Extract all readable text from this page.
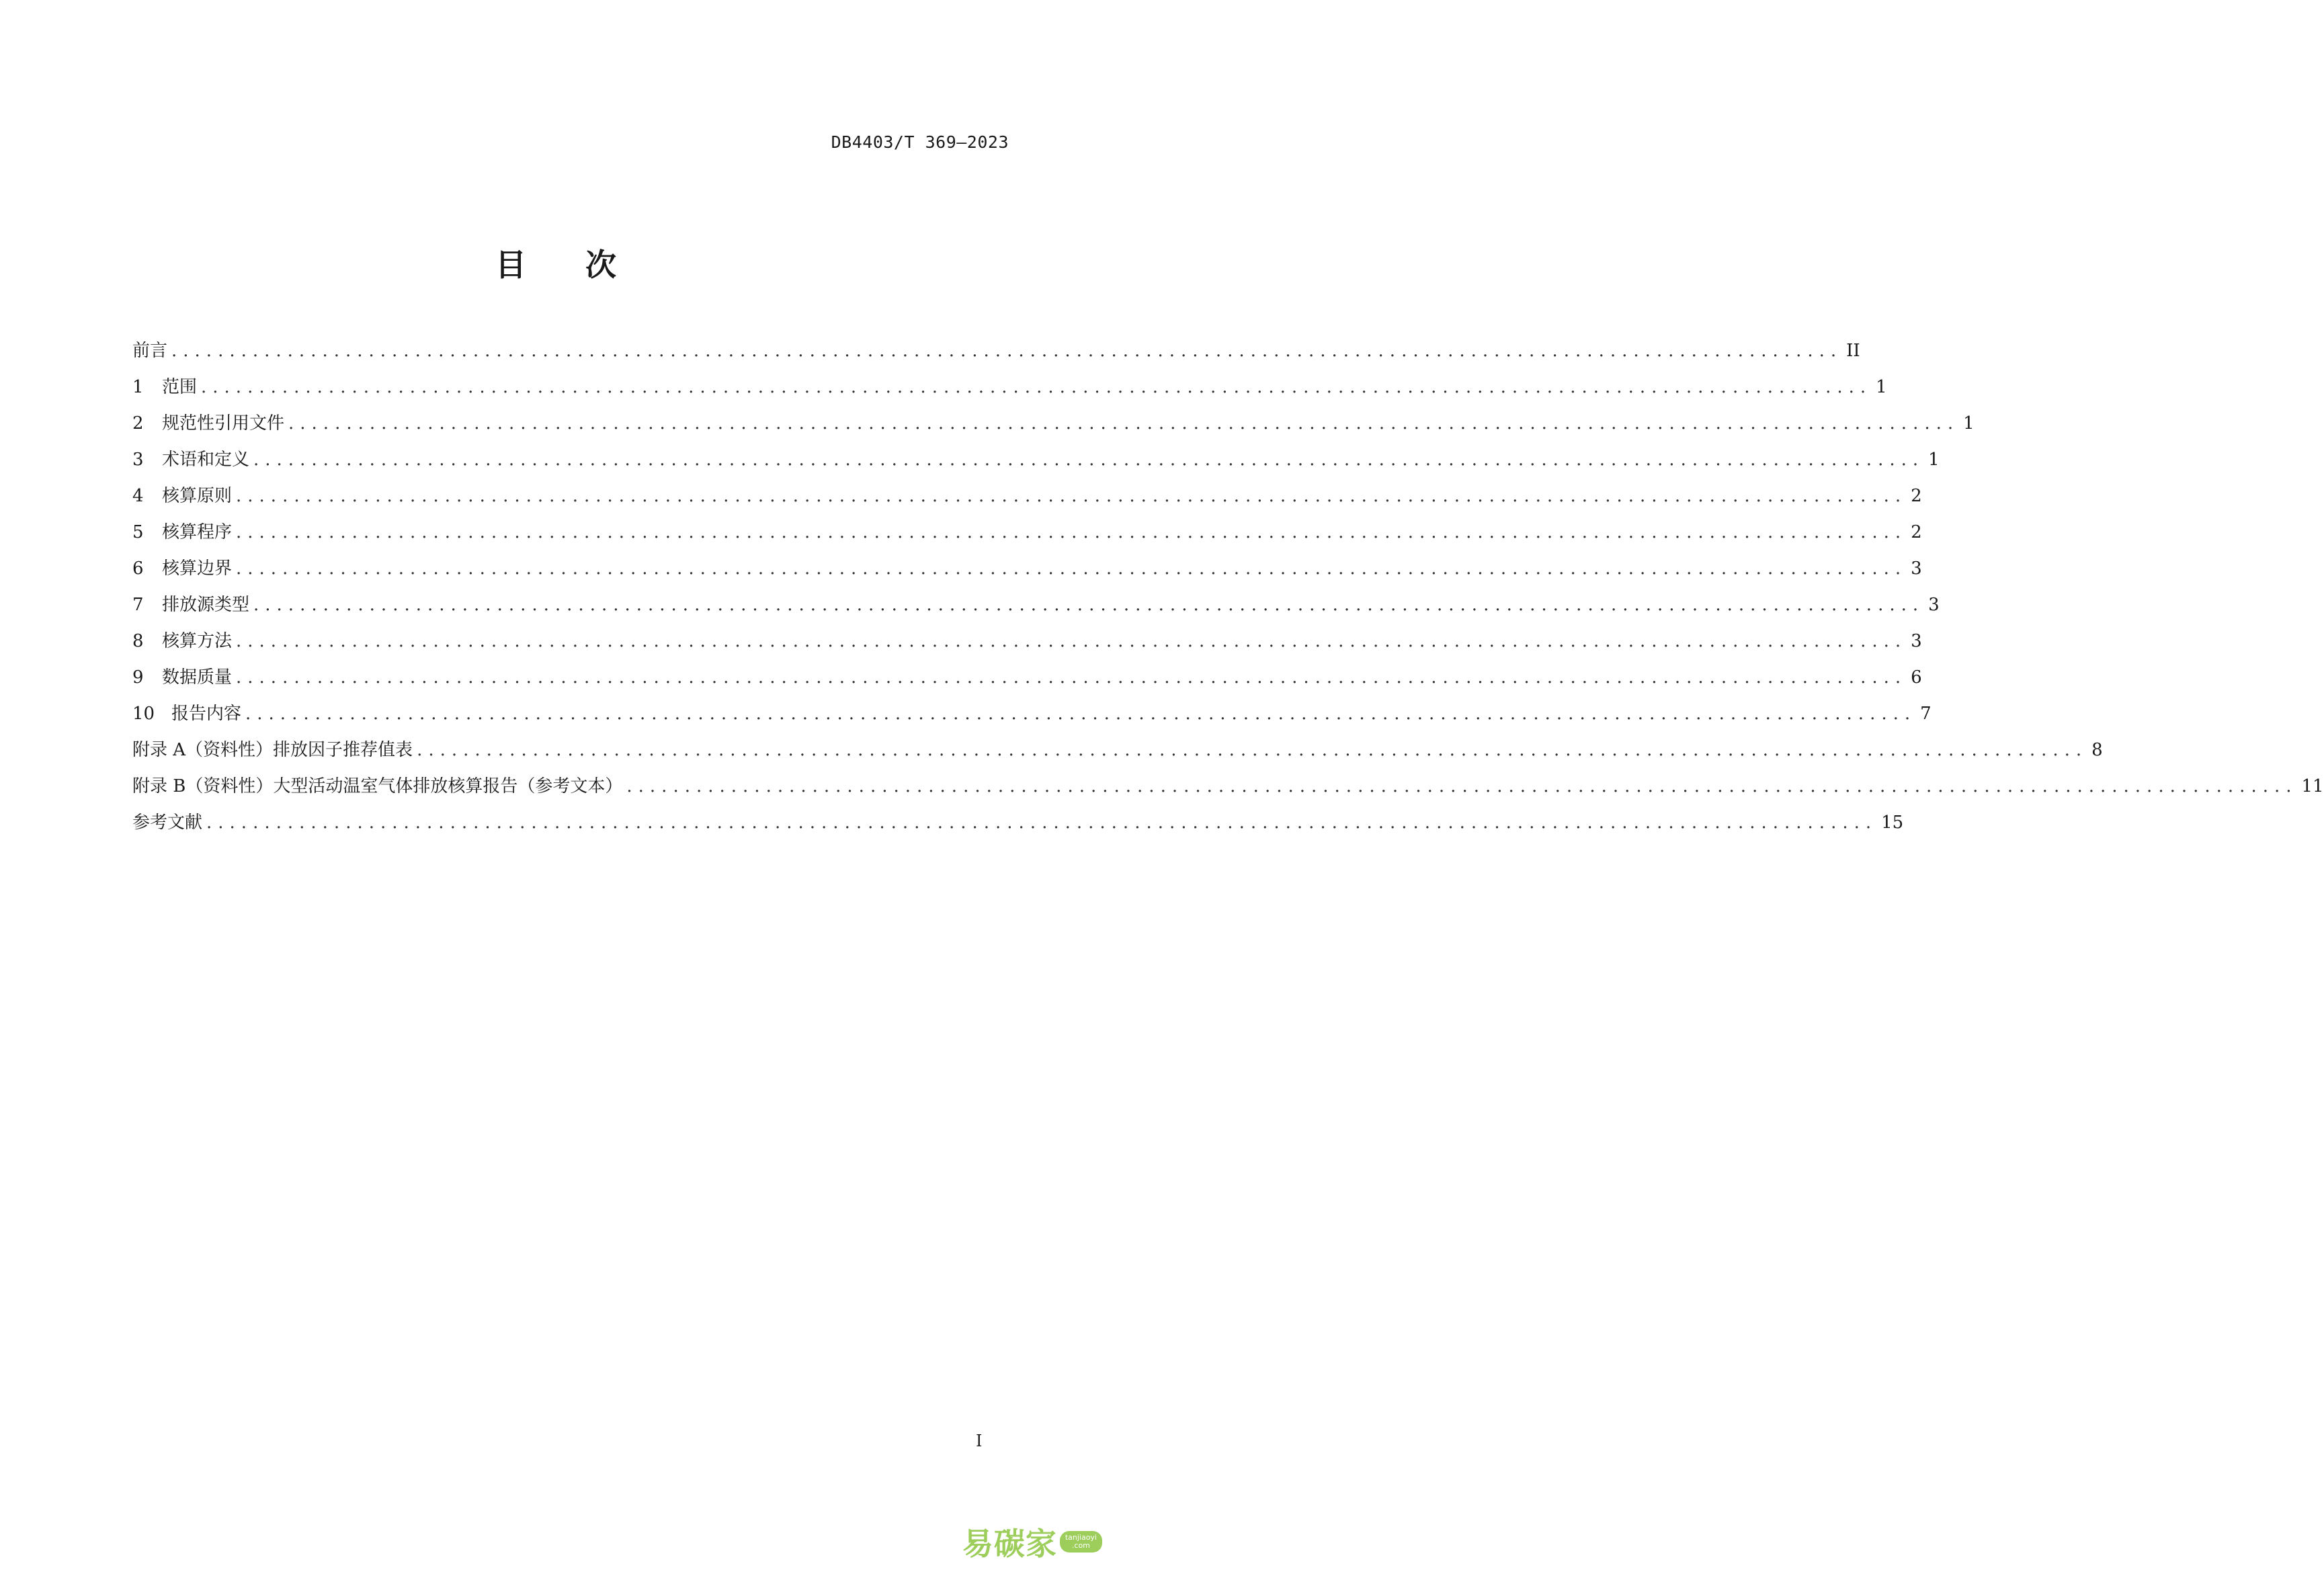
DB4403/T 369—2023
目 次
前言 ................................................................................................................................................ II
1	范围 ................................................................................................................................................ 1
2	规范性引用文件 ................................................................................................................................................ 1
3	术语和定义 ................................................................................................................................................ 1
4	核算原则 ................................................................................................................................................ 2
5	核算程序 ................................................................................................................................................ 2
6	核算边界 ................................................................................................................................................ 3
7	排放源类型 ................................................................................................................................................ 3
8	核算方法 ................................................................................................................................................ 3
9	数据质量 ................................................................................................................................................ 6
10 报告内容 ................................................................................................................................................ 7
附录 A（资料性） 排放因子推荐值表 ................................................................................................................................................ 8
附录 B（资料性） 大型活动温室气体排放核算报告（参考文本） ................................................................................................................................................ 11
参考文献 ................................................................................................................................................ 15
I
易碳家	tanjiaoyi
.com
